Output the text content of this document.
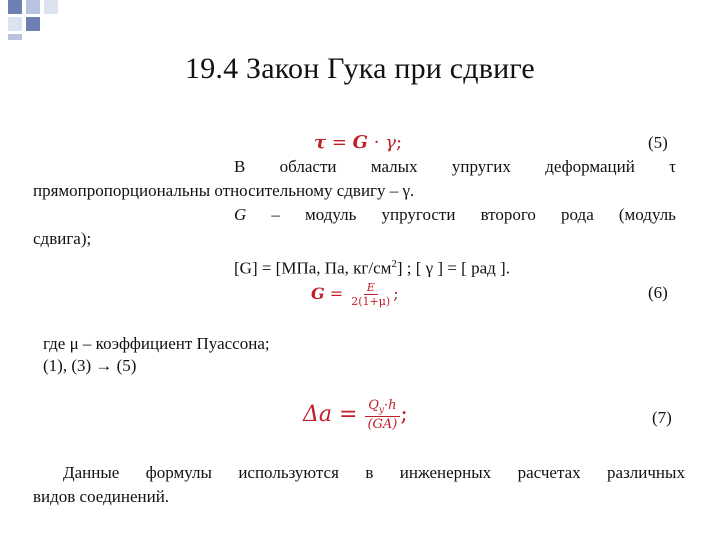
19.4 Закон Гука при сдвиге
τ = G · γ;	(5)
В области малых упругих деформаций τ
прямопропорциональны относительному сдвигу – γ.
G – модуль упругости второго рода (модуль
сдвига);
[G] = [МПа, Па, $кг/см^2$] ; [ γ ] = [ рад ].
$G = \frac{E}{2(1+\mu)}$ ;	(6)
где μ – коэффициент Пуассона;
(1), (3) → (5)
$\Delta a = \frac{Q_y\cdot h}{(GA)}$ ;	(7)
Данные формулы используются в инженерных расчетах различных
видов соединений.
